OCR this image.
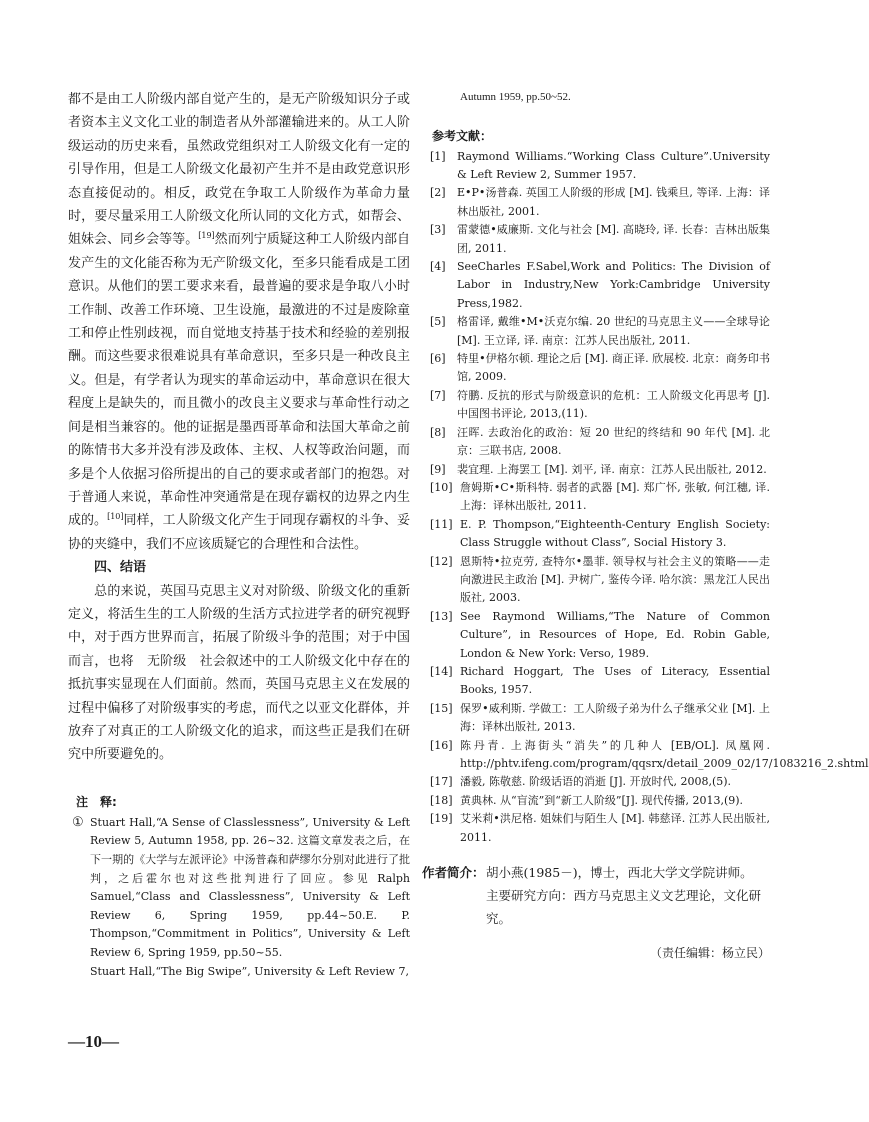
都不是由工人阶级内部自觉产生的，是无产阶级知识分子或者资本主义文化工业的制造者从外部灌输进来的。从工人阶级运动的历史来看，虽然政党组织对工人阶级文化有一定的引导作用，但是工人阶级文化最初产生并不是由政党意识形态直接促动的。相反，政党在争取工人阶级作为革命力量时，要尽量采用工人阶级文化所认同的文化方式，如帮会、姐妹会、同乡会等等。[19]然而列宁质疑这种工人阶级内部自发产生的文化能否称为无产阶级文化，至多只能看成是工团意识。从他们的罢工要求来看，最普遍的要求是争取八小时工作制、改善工作环境、卫生设施，最激进的不过是废除童工和停止性别歧视，而自觉地支持基于技术和经验的差别报酬。而这些要求很难说具有革命意识，至多只是一种改良主义。但是，有学者认为现实的革命运动中，革命意识在很大程度上是缺失的，而且微小的改良主义要求与革命性行动之间是相当兼容的。他的证据是墨西哥革命和法国大革命之前的陈情书大多并没有涉及政体、主权、人权等政治问题，而多是个人依据习俗所提出的自己的要求或者部门的抱怨。对于普通人来说，革命性冲突通常是在现存霸权的边界之内生成的。[10]同样，工人阶级文化产生于同现存霸权的斗争、妥协的夹缝中，我们不应该质疑它的合理性和合法性。

四、结语

总的来说，英国马克思主义对对阶级、阶级文化的重新定义，将活生生的工人阶级的生活方式拉进学者的研究视野中，对于西方世界而言，拓展了阶级斗争的范围；对于中国而言，也将　无阶级　社会叙述中的工人阶级文化中存在的抵抗事实显现在人们面前。然而，英国马克思主义在发展的过程中偏移了对阶级事实的考虑，而代之以亚文化群体，并放弃了对真正的工人阶级文化的追求，而这些正是我们在研究中所要避免的。

注　释:
① Stuart Hall,“A Sense of Classlessness”, University & Left Review 5, Autumn 1958, pp. 26~32. 这篇文章发表之后，在下一期的《大学与左派评论》中汤普森和萨缪尔分别对此进行了批判，之后霍尔也对这些批判进行了回应。参见 Ralph Samuel,“Class and Classlessness”, University & Left Review 6, Spring 1959, pp.44~50.E. P. Thompson,“Commitment in Politics”, University & Left Review 6, Spring 1959, pp.50~55.
Stuart Hall,“The Big Swipe”, University & Left Review 7,
—10—

Autumn 1959, pp.50~52.

参考文献：

[1] Raymond Williams.“Working Class Culture”.University & Left Review 2, Summer 1957.

[2] E•P•汤普森. 英国工人阶级的形成 [M]. 钱乘旦, 等译. 上海：译林出版社, 2001.

[3] 雷蒙德•威廉斯. 文化与社会 [M]. 高晓玲, 译. 长春：吉林出版集团, 2011.

[4] SeeCharles F.Sabel,Work and Politics: The Division of Labor in Industry,New York:Cambridge University Press,1982.

[5] 格雷译, 戴维•M•沃克尔编. 20 世纪的马克思主义——全球导论 [M]. 王立译, 译. 南京：江苏人民出版社, 2011.

[6] 特里•伊格尔顿. 理论之后 [M]. 商正译. 欣展校. 北京：商务印书馆, 2009.

[7] 符鹏. 反抗的形式与阶级意识的危机：工人阶级文化再思考 [J]. 中国图书评论, 2013,(11).

[8] 汪晖. 去政治化的政治：短 20 世纪的终结和 90 年代 [M]. 北京：三联书店, 2008.

[9] 裴宜理. 上海罢工 [M]. 刘平, 译. 南京：江苏人民出版社, 2012.

[10] 詹姆斯•C•斯科特. 弱者的武器 [M]. 郑广怀, 张敏, 何江穗, 译. 上海：译林出版社, 2011.

[11] E. P. Thompson,“Eighteenth-Century English Society: Class Struggle without Class”, Social History 3.

[12] 恩斯特•拉克劳, 查特尔•墨菲. 领导权与社会主义的策略——走向激进民主政治 [M]. 尹树广, 鉴传今译. 哈尔滨：黑龙江人民出版社, 2003.

[13] See Raymond Williams,“The Nature of Common Culture”, in Resources of Hope, Ed. Robin Gable, London & New York: Verso, 1989.

[14] Richard Hoggart, The Uses of Literacy, Essential Books, 1957.

[15] 保罗•威利斯. 学做工：工人阶级子弟为什么子继承父业 [M]. 上海：译林出版社, 2013.

[16] 陈丹青. 上海街头“消失”的几种人 [EB/OL]. 凤凰网. http://phtv.ifeng.com/program/qqsrx/detail_2009_02/17/1083216_2.shtml

[17] 潘毅, 陈敬慈. 阶级话语的消逝 [J]. 开放时代, 2008,(5).

[18] 黄典林. 从“盲流”到“新工人阶级”[J]. 现代传播, 2013,(9).

[19] 艾米莉•洪尼格. 姐妹们与陌生人 [M]. 韩慈译. 江苏人民出版社, 2011.

作者简介： 胡小燕(1985－)，博士，西北大学文学院讲师。
主要研究方向：西方马克思主义文艺理论，文化研究。
（责任编辑：杨立民）
